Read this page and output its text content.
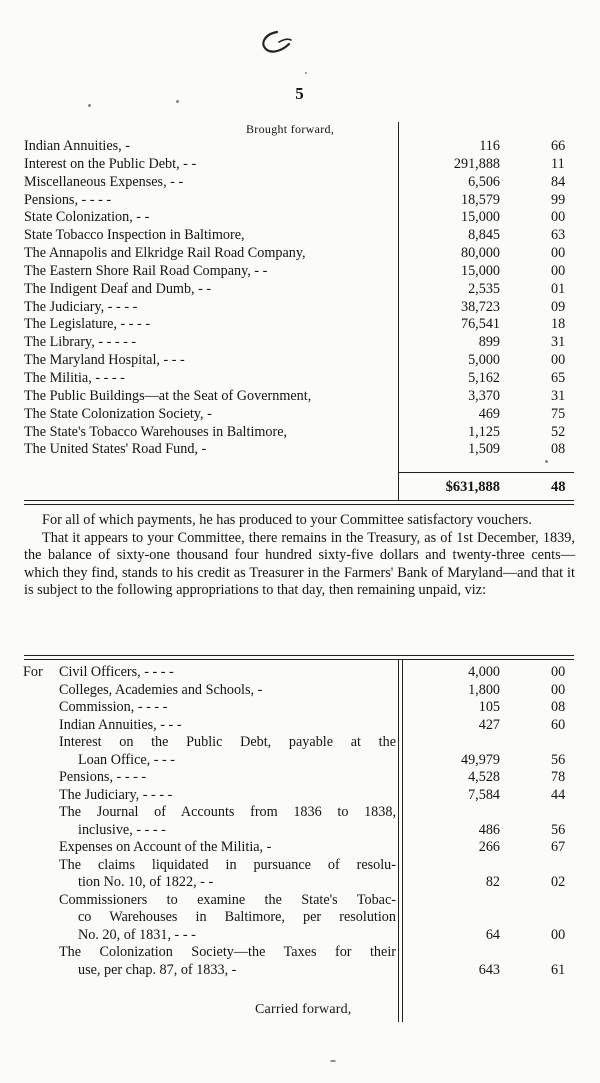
5
Brought forward,
Indian Annuities, -	116	66
Interest on the Public Debt, - -	291,888	11
Miscellaneous Expenses, - -	6,506	84
Pensions, - - - -	18,579	99
State Colonization, - -	15,000	00
State Tobacco Inspection in Baltimore,	8,845	63
The Annapolis and Elkridge Rail Road Company,	80,000	00
The Eastern Shore Rail Road Company, - -	15,000	00
The Indigent Deaf and Dumb, - -	2,535	01
The Judiciary, - - - -	38,723	09
The Legislature, - - - -	76,541	18
The Library, - - - - -	899	31
The Maryland Hospital, - - -	5,000	00
The Militia, - - - -	5,162	65
The Public Buildings—at the Seat of Government,	3,370	31
The State Colonization Society, -	469	75
The State's Tobacco Warehouses in Baltimore,	1,125	52
The United States' Road Fund, -	1,509	08
$631,888	48

For all of which payments, he has produced to your Committee satisfactory vouchers.

That it appears to your Committee, there remains in the Treasury, as of 1st December, 1839, the balance of sixty-one thousand four hundred sixty-five dollars and twenty-three cents—which they find, stands to his credit as Treasurer in the Farmers' Bank of Maryland—and that it is subject to the following appropriations to that day, then remaining unpaid, viz:

For Civil Officers, - - - -	4,000	00
Colleges, Academies and Schools, -	1,800	00
Commission, - - - -	105	08
Indian Annuities, - - -	427	60
Interest on the Public Debt, payable at the
Loan Office, - - -	49,979	56
Pensions, - - - -	4,528	78
The Judiciary, - - - -	7,584	44
The Journal of Accounts from 1836 to 1838,
inclusive, - - - -	486	56
Expenses on Account of the Militia, -	266	67
The claims liquidated in pursuance of resolu-
tion No. 10, of 1822, - -	82	02
Commissioners to examine the State's Tobac-
co Warehouses in Baltimore, per resolution
No. 20, of 1831, - - -	64	00
The Colonization Society—the Taxes for their
use, per chap. 87, of 1833, -	643	61
Carried forward,
